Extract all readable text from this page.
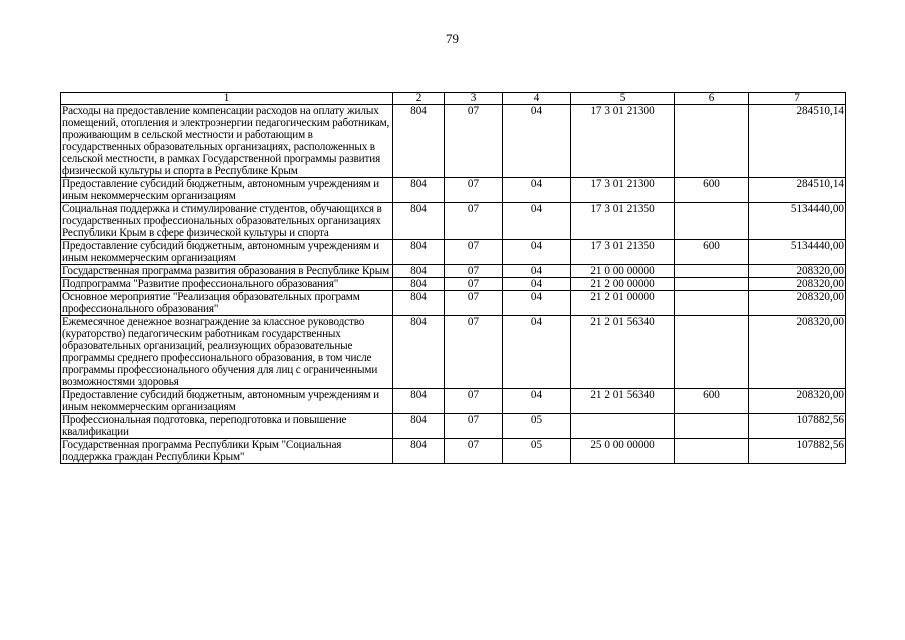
79
1	2	3	4	5	6	7
Расходы на предоставление компенсации расходов на оплату жилых помещений, отопления и электроэнергии педагогическим работникам, проживающим в сельской местности и работающим в государственных образовательных организациях, расположенных в сельской местности, в рамках Государственной программы развития физической культуры и спорта в Республике Крым	804	07	04	17 3 01 21300		284510,14
Предоставление субсидий бюджетным, автономным учреждениям и иным некоммерческим организациям	804	07	04	17 3 01 21300	600	284510,14
Социальная поддержка и стимулирование студентов, обучающихся в государственных профессиональных образовательных организациях Республики Крым в сфере физической культуры и спорта	804	07	04	17 3 01 21350		5134440,00
Предоставление субсидий бюджетным, автономным учреждениям и иным некоммерческим организациям	804	07	04	17 3 01 21350	600	5134440,00
Государственная программа развития образования в Республике Крым	804	07	04	21 0 00 00000		208320,00
Подпрограмма "Развитие профессионального образования"	804	07	04	21 2 00 00000		208320,00
Основное мероприятие "Реализация образовательных программ профессионального образования"	804	07	04	21 2 01 00000		208320,00
Ежемесячное денежное вознаграждение за классное руководство (кураторство) педагогическим работникам государственных образовательных организаций, реализующих образовательные программы среднего профессионального образования, в том числе программы профессионального обучения для лиц с ограниченными возможностями здоровья	804	07	04	21 2 01 56340		208320,00
Предоставление субсидий бюджетным, автономным учреждениям и иным некоммерческим организациям	804	07	04	21 2 01 56340	600	208320,00
Профессиональная подготовка, переподготовка и повышение квалификации	804	07	05			107882,56
Государственная программа Республики Крым "Социальная поддержка граждан Республики Крым"	804	07	05	25 0 00 00000		107882,56
